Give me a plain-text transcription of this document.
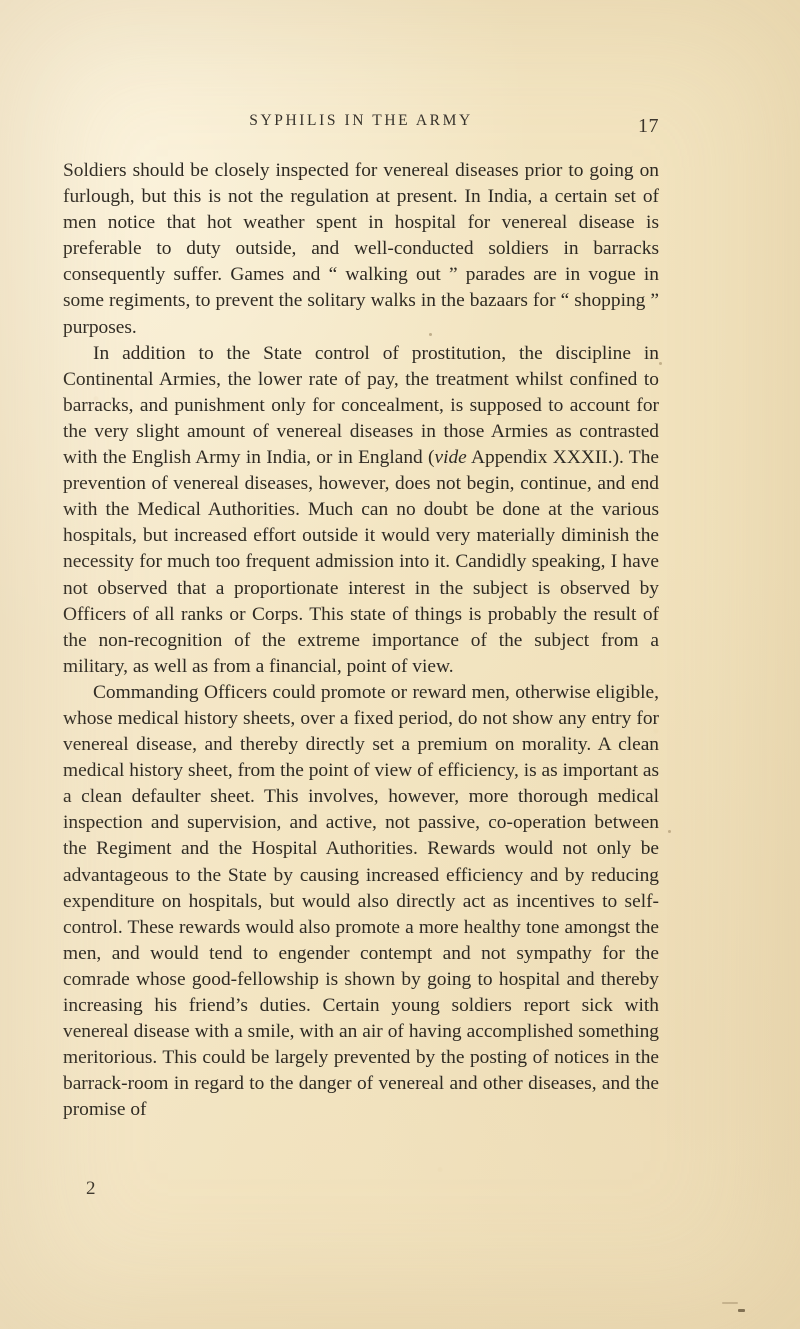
SYPHILIS IN THE ARMY	17

Soldiers should be closely inspected for venereal diseases prior to going on furlough, but this is not the regulation at present. In India, a certain set of men notice that hot weather spent in hospital for venereal disease is preferable to duty outside, and well-conducted soldiers in barracks consequently suffer. Games and “ walking out ” parades are in vogue in some regiments, to prevent the solitary walks in the bazaars for “ shopping ” purposes.

In addition to the State control of prostitution, the discipline in Continental Armies, the lower rate of pay, the treatment whilst confined to barracks, and punishment only for concealment, is supposed to account for the very slight amount of venereal diseases in those Armies as contrasted with the English Army in India, or in England (vide Appendix XXXII.). The prevention of venereal diseases, however, does not begin, continue, and end with the Medical Authorities. Much can no doubt be done at the various hospitals, but increased effort outside it would very materially diminish the necessity for much too frequent admission into it. Candidly speaking, I have not observed that a proportionate interest in the subject is observed by Officers of all ranks or Corps. This state of things is probably the result of the non-recognition of the extreme importance of the subject from a military, as well as from a financial, point of view.

Commanding Officers could promote or reward men, otherwise eligible, whose medical history sheets, over a fixed period, do not show any entry for venereal disease, and thereby directly set a premium on morality. A clean medical history sheet, from the point of view of efficiency, is as important as a clean defaulter sheet. This involves, however, more thorough medical inspection and supervision, and active, not passive, co-operation between the Regiment and the Hospital Authorities. Rewards would not only be advantageous to the State by causing increased efficiency and by reducing expenditure on hospitals, but would also directly act as incentives to self-control. These rewards would also promote a more healthy tone amongst the men, and would tend to engender contempt and not sympathy for the comrade whose good-fellowship is shown by going to hospital and thereby increasing his friend’s duties. Certain young soldiers report sick with venereal disease with a smile, with an air of having accomplished something meritorious. This could be largely prevented by the posting of notices in the barrack-room in regard to the danger of venereal and other diseases, and the promise of

2
